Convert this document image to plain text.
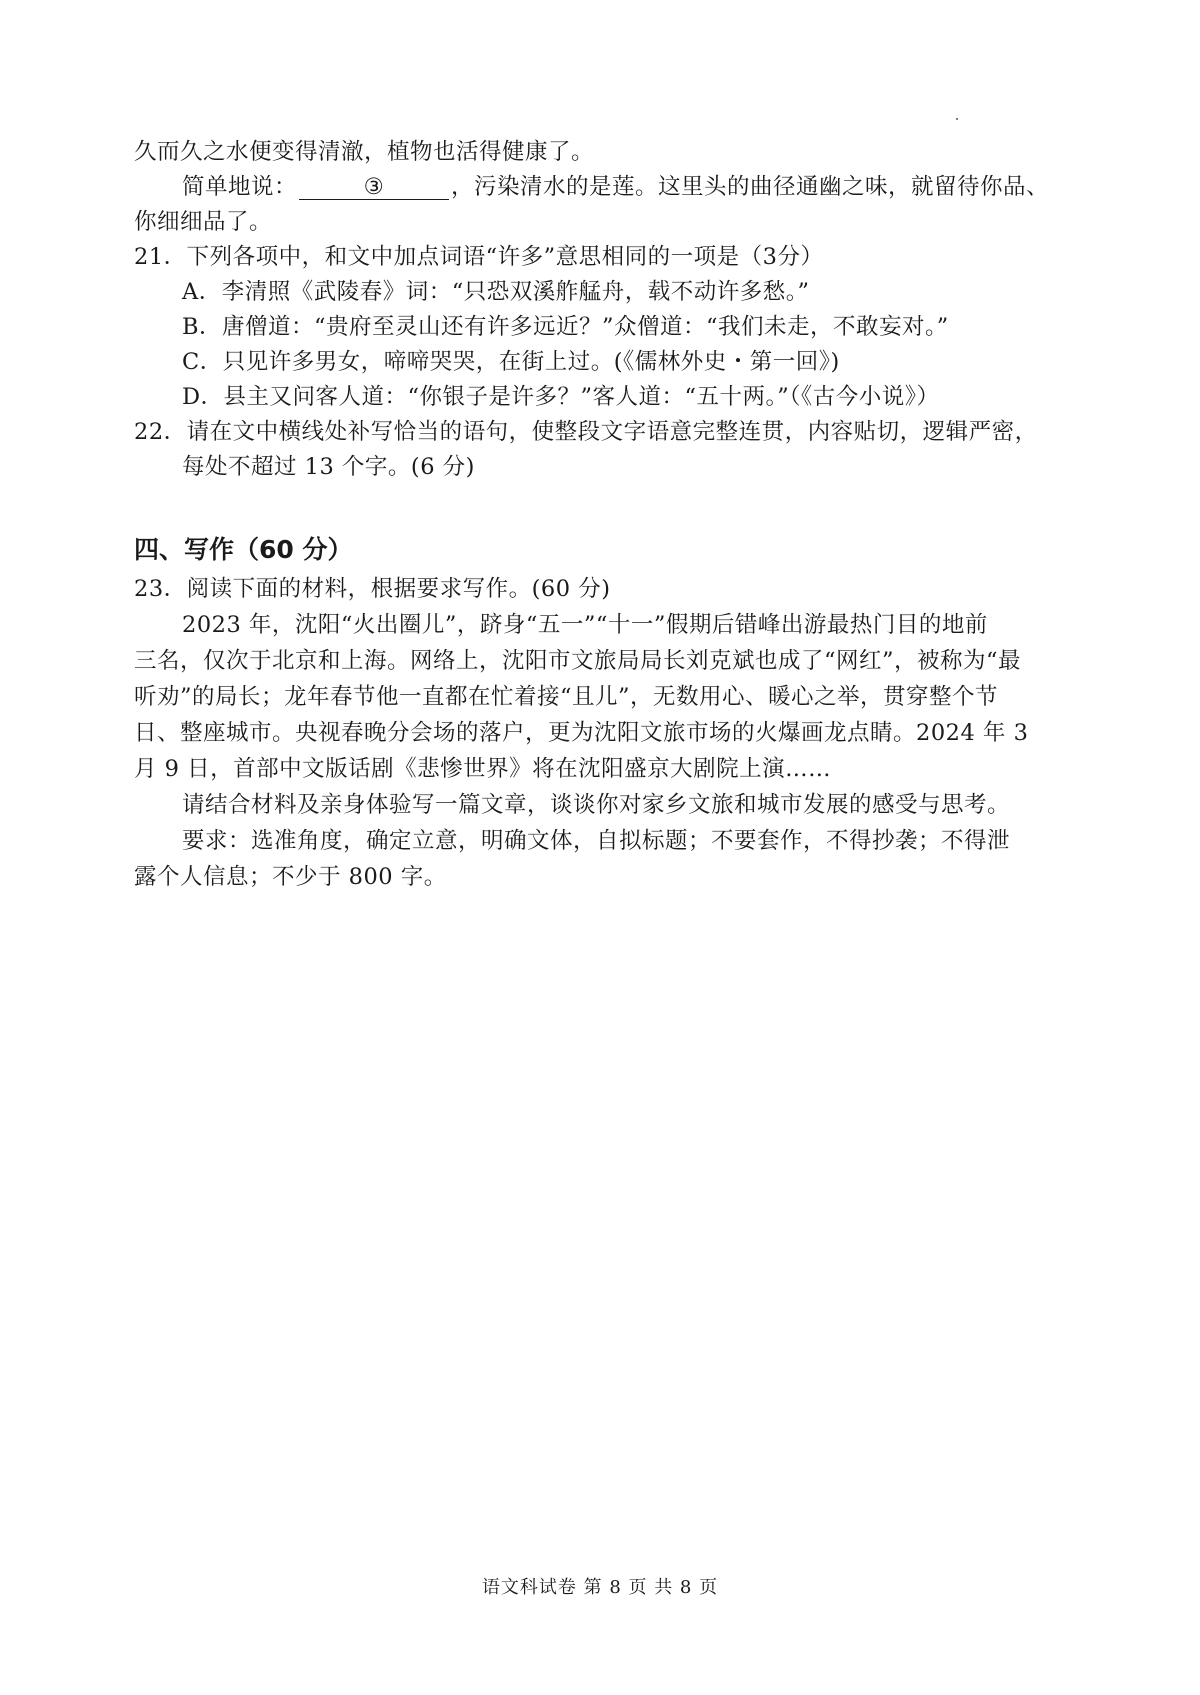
久而久之水便变得清澈，植物也活得健康了。
简单地说：	③	，污染清水的是莲。这里头的曲径通幽之味，就留待你品、
你细细品了。
21．下列各项中，和文中加点词语“许多”意思相同的一项是（3分）
A．李清照《武陵春》词：“只恐双溪舴艋舟，载不动许多愁。”
B．唐僧道：“贵府至灵山还有许多远近？”众僧道：“我们未走，不敢妄对。”
C．只见许多男女，啼啼哭哭，在街上过。(《儒林外史・第一回》)
D．县主又问客人道：“你银子是许多？”客人道：“五十两。”（《古今小说》）
22．请在文中横线处补写恰当的语句，使整段文字语意完整连贯，内容贴切，逻辑严密，
每处不超过 13 个字。(6 分)
四、写作（60 分）
23．阅读下面的材料，根据要求写作。(60 分)
2023 年，沈阳“火出圈儿”，跻身“五一”“十一”假期后错峰出游最热门目的地前
三名，仅次于北京和上海。网络上，沈阳市文旅局局长刘克斌也成了“网红”，被称为“最
听劝”的局长；龙年春节他一直都在忙着接“且儿”，无数用心、暖心之举，贯穿整个节
日、整座城市。央视春晚分会场的落户，更为沈阳文旅市场的火爆画龙点睛。2024 年 3
月 9 日，首部中文版话剧《悲惨世界》将在沈阳盛京大剧院上演……
请结合材料及亲身体验写一篇文章，谈谈你对家乡文旅和城市发展的感受与思考。
要求：选准角度，确定立意，明确文体，自拟标题；不要套作，不得抄袭；不得泄
露个人信息；不少于 800 字。
语文科试卷 第 8 页 共 8 页
